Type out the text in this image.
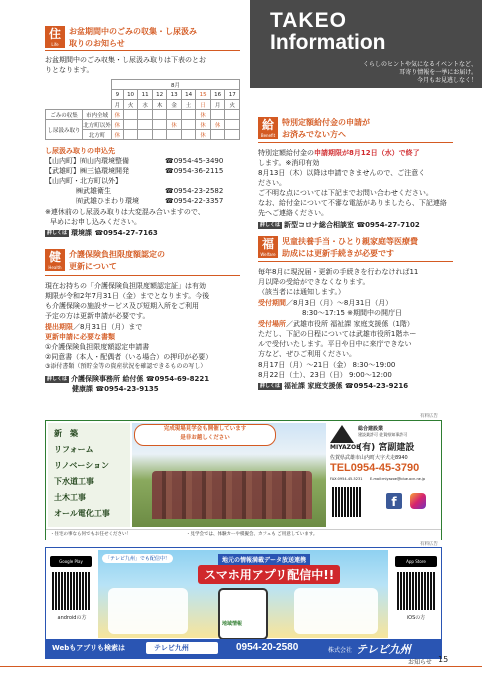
TAKEO
Information
くらしのヒントや気になるイベントなど、
耳寄り情報を一挙にお届け。
今月もお見逃しなく！
住
Life
お盆期間中のごみの収集・し尿汲み
取りのお知らせ
お盆期間中のごみ収集・し尿汲み取りは下表のとお
りとなります。
		8月								
		9	10	11	12	13	14	15	16	17
		月	火	水	木	金	土	日	月	火
ごみの収集	市内全域	休						休		
し尿汲み取り	北方町以外	休				休		休	休	
	北方町	休						休		
し尿汲み取りの申込先
【山内町】㈲山内環境整備	☎0954-45-3490
【武雄町】㈱三協環境開発	☎0954-36-2115
【山内町・北方町以外】
㈱武雄衛生	☎0954-23-2582
㈲武雄ひまわり環境	☎0954-22-3357
※連休前のし尿汲み取りは大変混み合いますので、
早めにお申し込みください。
詳しくは 環境課 ☎0954-27-7163
給
Benefit
特別定額給付金の申請が
お済みでない方へ
特別定額給付金の申請期限が8月12日（水）で終了
します。※消印有効
8月13日（木）以降は申請できませんので、ご注意く
ださい。
ご不明な点については下記までお問い合わせください。
なお、給付金について不審な電話がありましたら、下記連絡
先へご連絡ください。
詳しくは 新型コロナ総合相談室 ☎0954-27-7102
健
Health
介護保険負担限度額認定の
更新について
現在お持ちの「介護保険負担限度額認定証」は有効
期限が令和2年7月31日（金）までとなります。今後
も介護保険の施設サービス及び短期入所をご利用
予定の方は更新申請が必要です。
提出期限／8月31日（月）まで
更新申請に必要な書類
①介護保険負担限度額認定申請書
②同意書（本人・配偶者（いる場合）の押印が必要）
③添付書類（預貯金等の資産状況を確認できるものの写し）
詳しくは 介護保険事務所 給付係 ☎0954-69-8221
健康課 ☎0954-23-9135
福
Welfare
児童扶養手当・ひとり親家庭等医療費
助成には更新手続きが必要です
毎年8月に現況届・更新の手続きを行わなければ11
月以降の受給ができなくなります。
（該当者には通知します。）
受付期間／8月3日（月）～8月31日（月）
8:30～17:15 ※期間中の開庁日
受付場所／武雄市役所 福祉課 家庭支援係（1階）
ただし、下記の日程については武雄市役所1階ホー
ルで受付いたします。平日や日中に来庁できない
方など、ぜひご利用ください。
8月17日（月）～21日（金） 8:30～19:00
8月22日（土）、23日（日） 9:00～12:00
詳しくは 福祉課 家庭支援係 ☎0954-23-9216
有料広告
新　築
リフォーム
リノベーション
下水道工事
土木工事
オール電化工事
完成現場見学会も開催しています
是非お越しください
総合建設業
建設業許可 佐賀県知事許可
MIYAZOE
(有) 宮副建設
佐賀県武雄市山内町大字犬走8940
TEL0954-45-3790
FAX:0954-45-5231 E-mail:miyazoe@blue.ocn.ne.jp
f
・住宅の事なら何でもお任せください！	・見学会では、体験カーや模擬会、カフェも ご用意しています。
有料広告
Google Play
androidの方
「テレビ九州」でも配信中！	地元の情報満載データ放送連携
スマホ用アプリ配信中!!
地域情報
App Store
iOSの方
Webもアプリも検索は	テレビ九州	0954-20-2580	株式会社 テレビ九州
お知らせ 15
